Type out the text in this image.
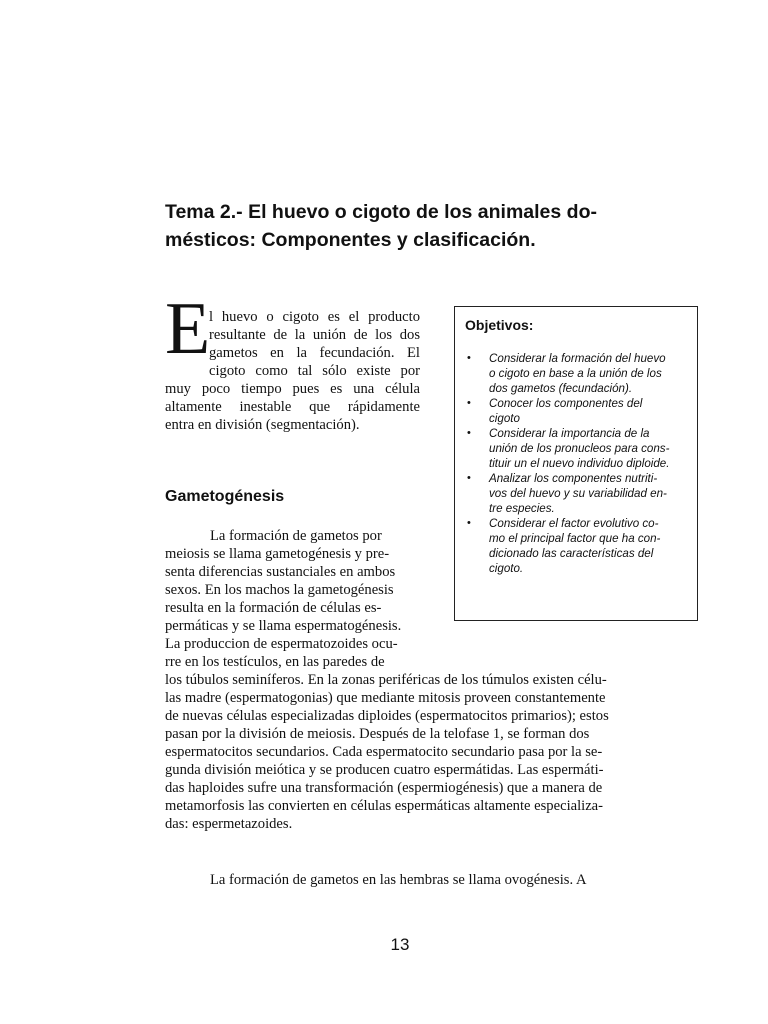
Tema 2.- El huevo o cigoto de los animales do-
mésticos: Componentes y clasificación.
E
l huevo o cigoto es el producto
resultante de la unión de los dos
gametos en la fecundación. El
cigoto como tal sólo existe por
muy poco tiempo pues es una célula
altamente inestable que rápidamente
entra en división (segmentación).
Objetivos:
• Considerar la formación del huevo
o cigoto en base a la unión de los
dos gametos (fecundación).
• Conocer los componentes del
cigoto
• Considerar la importancia de la
unión de los pronucleos para cons-
tituir un el nuevo individuo diploide.
• Analizar los componentes nutriti-
vos del huevo y su variabilidad en-
tre especies.
• Considerar el factor evolutivo co-
mo el principal factor que ha con-
dicionado las características del
cigoto.
Gametogénesis
La formación de gametos por
meiosis se llama gametogénesis y pre-
senta diferencias sustanciales en ambos
sexos. En los machos la gametogénesis
resulta en la formación de células es-
permáticas y se llama espermatogénesis.
La produccion de espermatozoides ocu-
rre en los testículos, en las paredes de
los túbulos seminíferos. En la zonas periféricas de los túmulos existen célu-
las madre (espermatogonias) que mediante mitosis proveen constantemente
de nuevas células especializadas diploides (espermatocitos primarios); estos
pasan por la división de meiosis. Después de la telofase 1, se forman dos
espermatocitos secundarios. Cada espermatocito secundario pasa por la se-
gunda división meiótica y se producen cuatro espermátidas. Las espermáti-
das haploides sufre una transformación (espermiogénesis) que a manera de
metamorfosis las convierten en células espermáticas altamente especializa-
das: espermetazoides.
La formación de gametos en las hembras se llama ovogénesis. A
13
